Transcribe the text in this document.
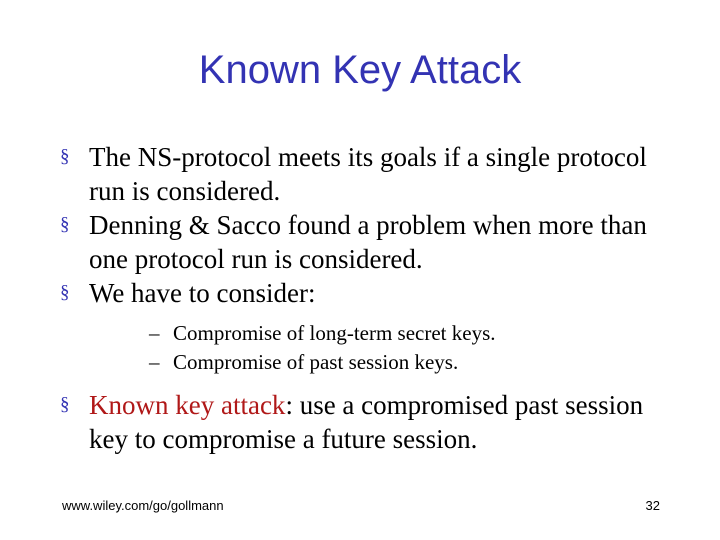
Known Key Attack
§ The NS-protocol meets its goals if a single protocol run is considered.
§ Denning & Sacco found a problem when more than one protocol run is considered.
§ We have to consider:
– Compromise of long-term secret keys.
– Compromise of past session keys.
§ Known key attack: use a compromised past session key to compromise a future session.
www.wiley.com/go/gollmann	32
